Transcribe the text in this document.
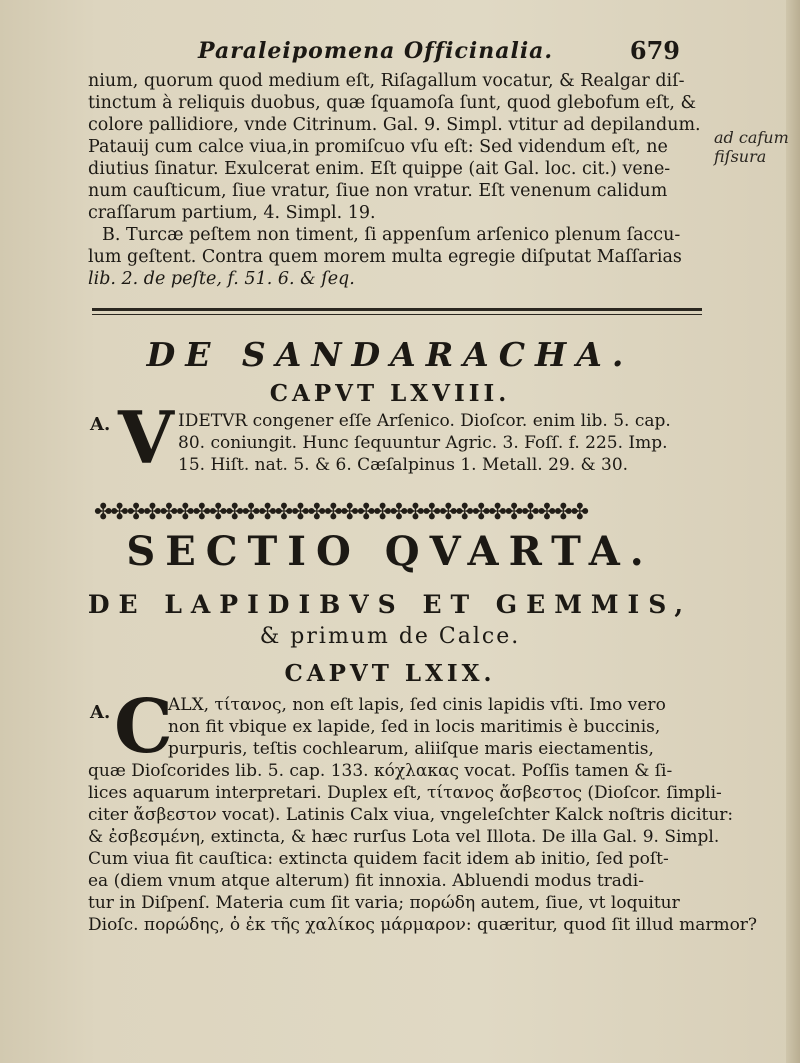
Paraleipomena Officinalia.	679

nium, quorum quod medium eſt, Riſagallum vocatur, & Realgar diſ-

tinctum à reliquis duobus, quæ ſquamoſa ſunt, quod glebofum eſt, &

colore pallidiore, vnde Citrinum. Gal. 9. Simpl. vtitur ad depilandum.

Patauij cum calce viua,in promiſcuo vſu eſt: Sed videndum eſt, ne

diutius ſinatur. Exulcerat enim. Eſt quippe (ait Gal. loc. cit.) vene-

num cauſticum, ſiue vratur, ſiue non vratur. Eſt venenum calidum

craſſarum partium, 4. Simpl. 19.

B. Turcæ peſtem non timent, ſi appenſum arſenico plenum ſaccu-

lum geſtent. Contra quem morem multa egregie diſputat Maſſarias

lib. 2. de peſte, f. 51. 6. & ſeq.

ad cafum fiſsura
DE SANDARACHA.
CAPVT LXVIII.
A. V IDETVR congener eſſe Arſenico. Dioſcor. enim lib. 5. cap.

80. coniungit. Hunc ſequuntur Agric. 3. Foſſ. f. 225. Imp.

15. Hiſt. nat. 5. & 6. Cæſalpinus 1. Metall. 29. & 30.

✤✤✤✤✤✤✤✤✤✤✤✤✤✤✤✤✤✤✤✤✤✤✤✤✤✤✤✤✤✤
SECTIO QVARTA.
DE LAPIDIBVS ET GEMMIS,
& primum de Calce.
CAPVT LXIX.
A. C

ALX, τίτανος, non eſt lapis, ſed cinis lapidis vſti. Imo vero

non fit vbique ex lapide, ſed in locis maritimis è buccinis,

purpuris, teſtis cochlearum, aliiſque maris eiectamentis,

quæ Dioſcorides lib. 5. cap. 133. κόχλακας vocat. Poſſis tamen & ſi-

lices aquarum interpretari. Duplex eſt, τίτανος ἄσβεστος (Dioſcor. ſimpli-

citer ἄσβεστον vocat). Latinis Calx viua, vngeleſchter Kalck noſtris dicitur:

& ἐσβεσμένη, extincta, & hæc rurſus Lota vel Illota. De illa Gal. 9. Simpl.

Cum viua fit cauſtica: extincta quidem facit idem ab initio, ſed poſt-

ea (diem vnum atque alterum) fit innoxia. Abluendi modus tradi-

tur in Diſpenſ. Materia cum ſit varia; πορώδη autem, ſiue, vt loquitur

Dioſc. πορώδης, ὁ ἐκ τῆς χαλίκος μάρμαρον: quæritur, quod ſit illud marmor?
